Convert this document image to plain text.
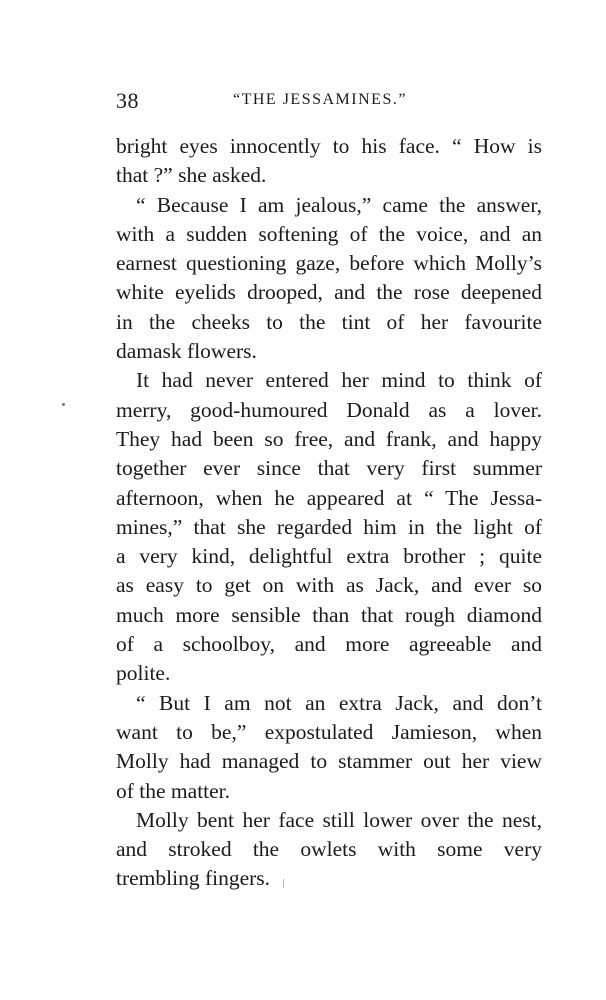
38	“THE JESSAMINES.”
bright eyes innocently to his face. “ How is
that ?” she asked.
“ Because I am jealous,” came the answer,
with a sudden softening of the voice, and an
earnest questioning gaze, before which Molly’s
white eyelids drooped, and the rose deepened
in the cheeks to the tint of her favourite
damask flowers.
It had never entered her mind to think of
merry, good-humoured Donald as a lover.
They had been so free, and frank, and happy
together ever since that very first summer
afternoon, when he appeared at “ The Jessa-
mines,” that she regarded him in the light of
a very kind, delightful extra brother ; quite
as easy to get on with as Jack, and ever so
much more sensible than that rough diamond
of a schoolboy, and more agreeable and
polite.
“ But I am not an extra Jack, and don’t
want to be,” expostulated Jamieson, when
Molly had managed to stammer out her view
of the matter.
Molly bent her face still lower over the nest,
and stroked the owlets with some very
trembling fingers.
